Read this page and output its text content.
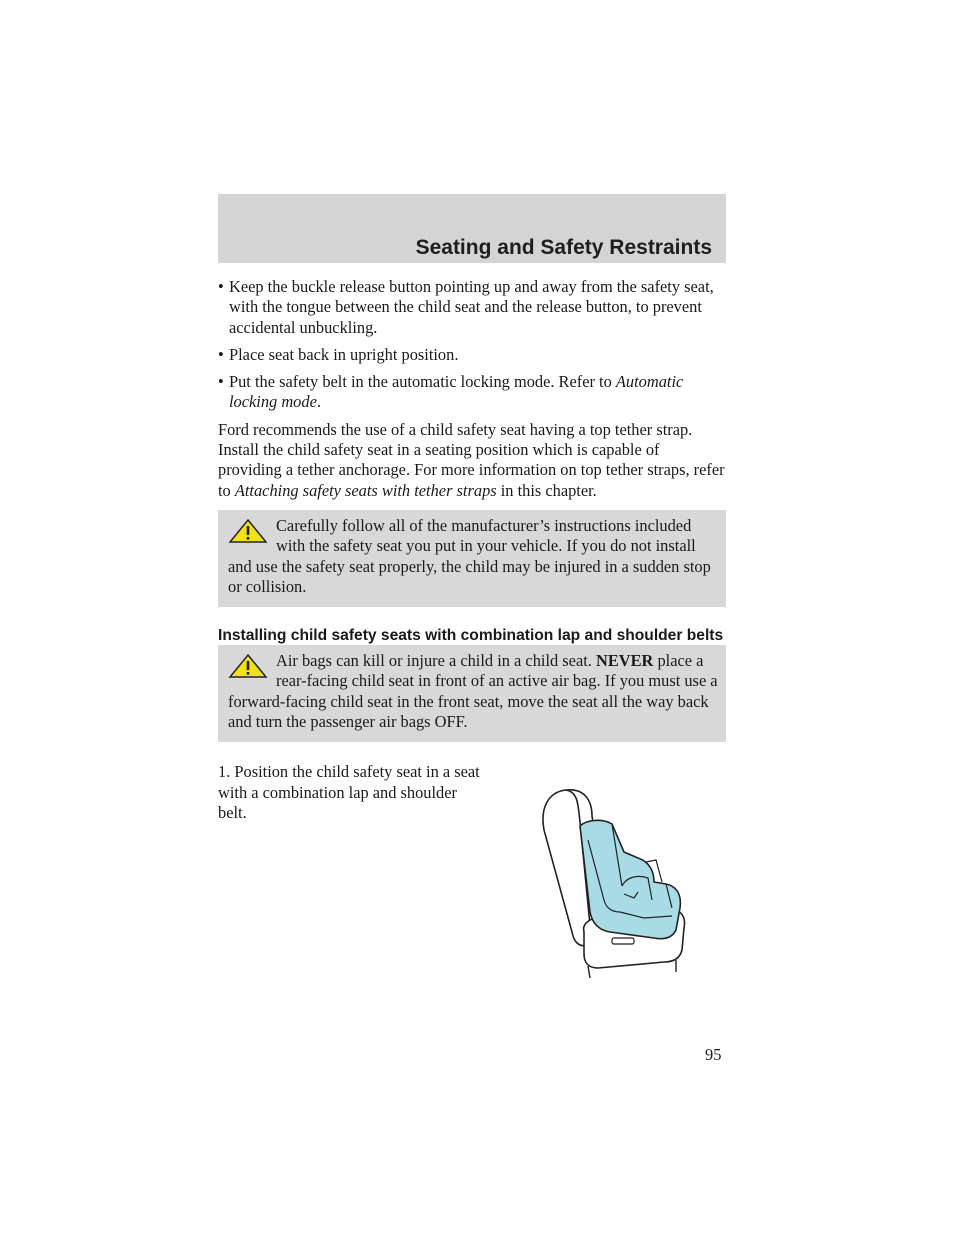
Seating and Safety Restraints
• Keep the buckle release button pointing up and away from the safety seat, with the tongue between the child seat and the release button, to prevent accidental unbuckling.
• Place seat back in upright position.
• Put the safety belt in the automatic locking mode. Refer to Automatic locking mode.

Ford recommends the use of a child safety seat having a top tether strap. Install the child safety seat in a seating position which is capable of providing a tether anchorage. For more information on top tether straps, refer to Attaching safety seats with tether straps in this chapter.

Carefully follow all of the manufacturer’s instructions included with the safety seat you put in your vehicle. If you do not install and use the safety seat properly, the child may be injured in a sudden stop or collision.

Installing child safety seats with combination lap and shoulder belts

Air bags can kill or injure a child in a child seat. NEVER place a rear-facing child seat in front of an active air bag. If you must use a forward-facing child seat in the front seat, move the seat all the way back and turn the passenger air bags OFF.

1. Position the child safety seat in a seat with a combination lap and shoulder belt.

95
